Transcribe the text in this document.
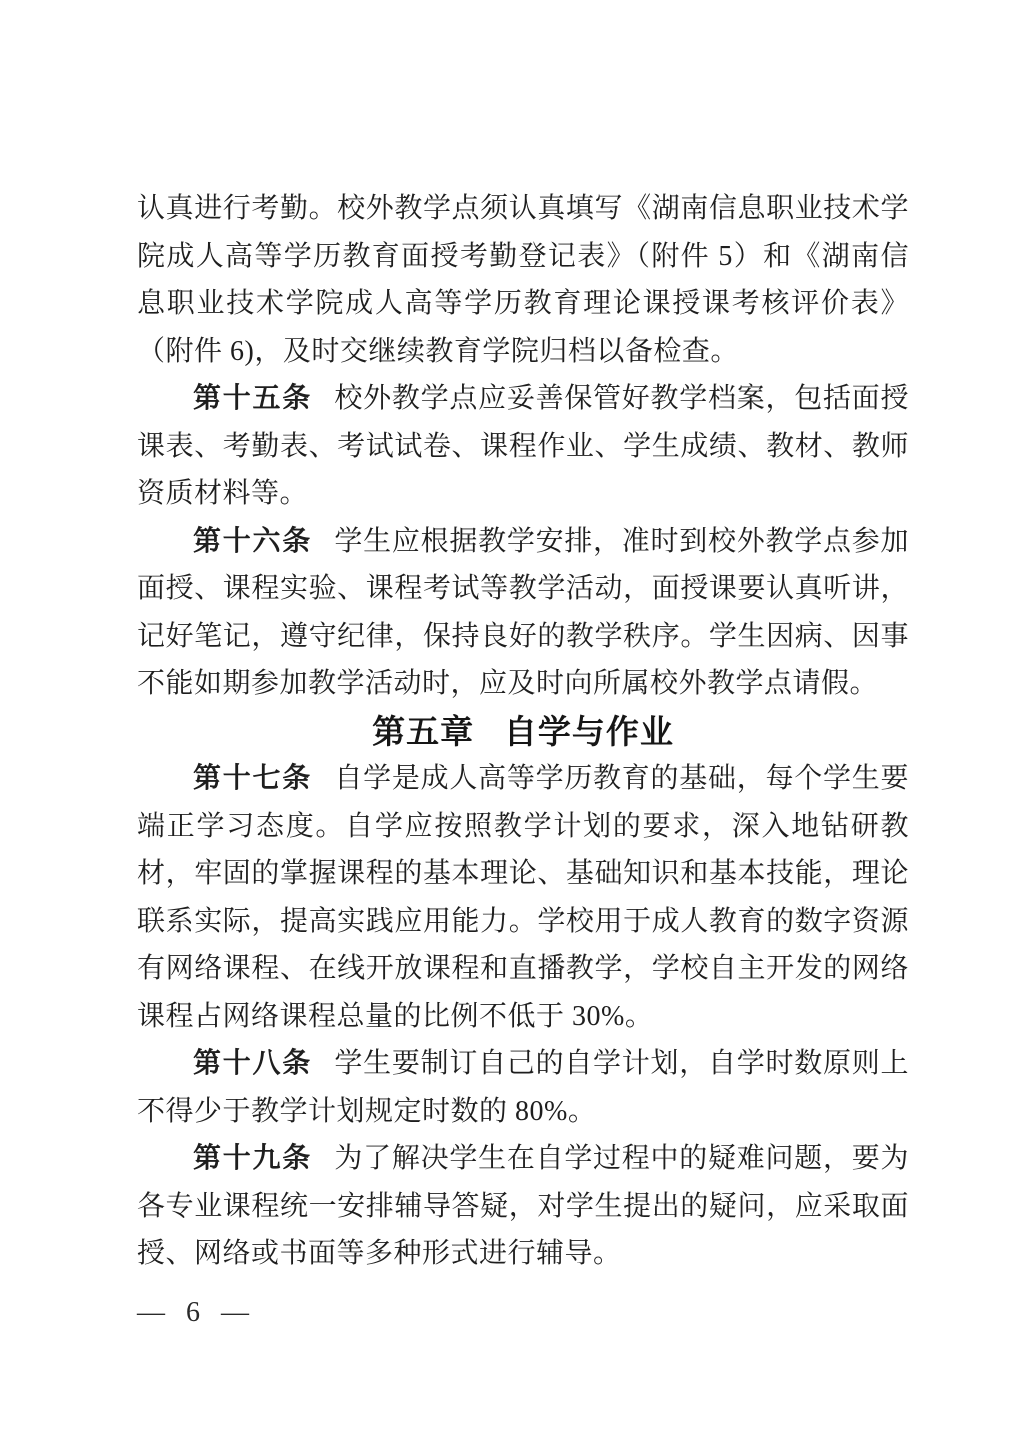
认真进行考勤。校外教学点须认真填写《湖南信息职业技术学院成人高等学历教育面授考勤登记表》（附件 5）和《湖南信息职业技术学院成人高等学历教育理论课授课考核评价表》（附件 6)，及时交继续教育学院归档以备检查。

第十五条 校外教学点应妥善保管好教学档案，包括面授课表、考勤表、考试试卷、课程作业、学生成绩、教材、教师资质材料等。

第十六条 学生应根据教学安排，准时到校外教学点参加面授、课程实验、课程考试等教学活动，面授课要认真听讲，记好笔记，遵守纪律，保持良好的教学秩序。学生因病、因事不能如期参加教学活动时，应及时向所属校外教学点请假。

第五章 自学与作业

第十七条 自学是成人高等学历教育的基础，每个学生要端正学习态度。自学应按照教学计划的要求，深入地钻研教材，牢固的掌握课程的基本理论、基础知识和基本技能，理论联系实际，提高实践应用能力。学校用于成人教育的数字资源有网络课程、在线开放课程和直播教学，学校自主开发的网络课程占网络课程总量的比例不低于 30%。

第十八条 学生要制订自己的自学计划，自学时数原则上不得少于教学计划规定时数的 80%。

第十九条 为了解决学生在自学过程中的疑难问题，要为各专业课程统一安排辅导答疑，对学生提出的疑问，应采取面授、网络或书面等多种形式进行辅导。

— 6 —
